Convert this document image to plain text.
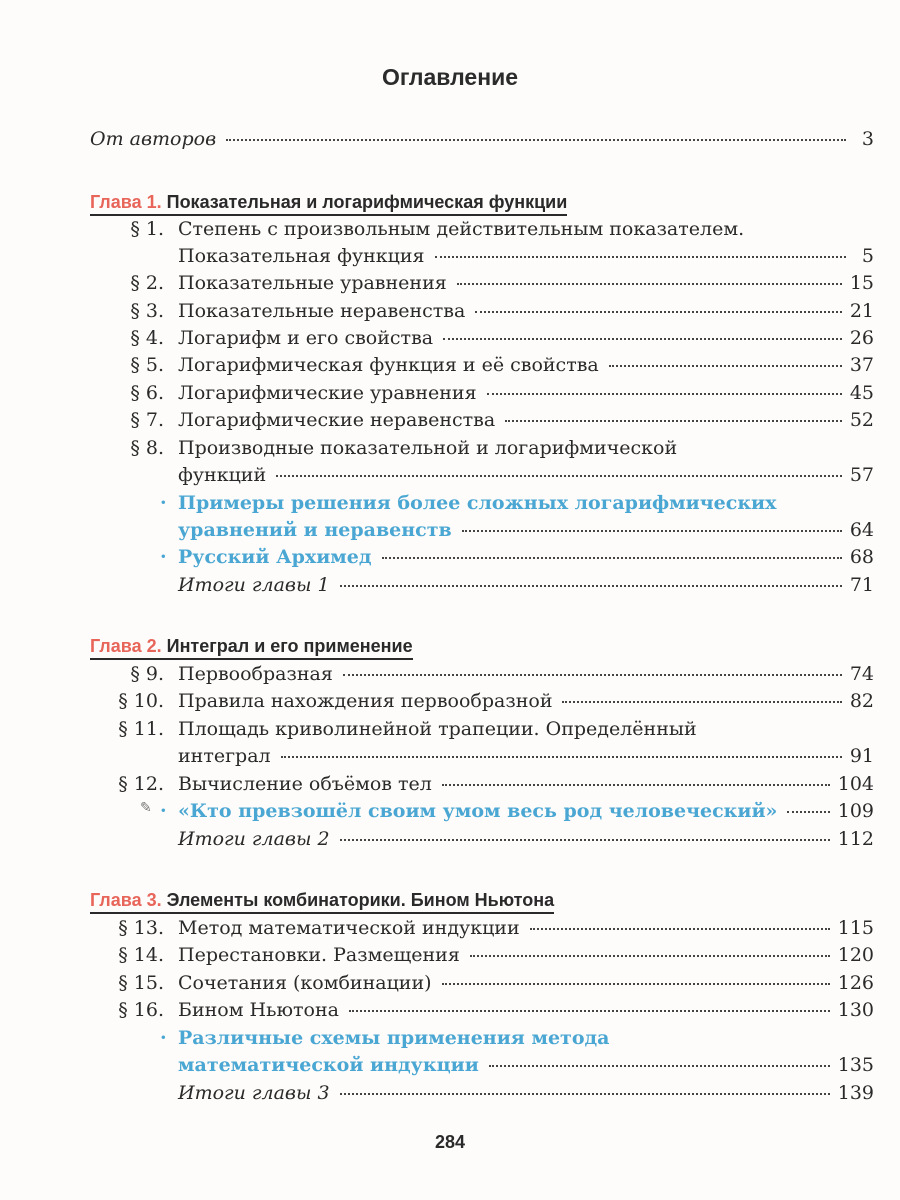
Оглавление
От авторов	3
Глава 1. Показательная и логарифмическая функции
§ 1. Степень с произвольным действительным показателем.
Показательная функция	5
§ 2. Показательные уравнения	15
§ 3. Показательные неравенства	21
§ 4. Логарифм и его свойства	26
§ 5. Логарифмическая функция и её свойства	37
§ 6. Логарифмические уравнения	45
§ 7. Логарифмические неравенства	52
§ 8. Производные показательной и логарифмической
функций	57
· Примеры решения более сложных логарифмических
уравнений и неравенств	64
· Русский Архимед	68
Итоги главы 1	71
Глава 2. Интеграл и его применение
§ 9. Первообразная	74
§ 10. Правила нахождения первообразной	82
§ 11. Площадь криволинейной трапеции. Определённый
интеграл	91
§ 12. Вычисление объёмов тел	104
✎ · «Кто превзошёл своим умом весь род человеческий»	109
Итоги главы 2	112
Глава 3. Элементы комбинаторики. Бином Ньютона
§ 13. Метод математической индукции	115
§ 14. Перестановки. Размещения	120
§ 15. Сочетания (комбинации)	126
§ 16. Бином Ньютона	130
· Различные схемы применения метода
математической индукции	135
Итоги главы 3	139
284
